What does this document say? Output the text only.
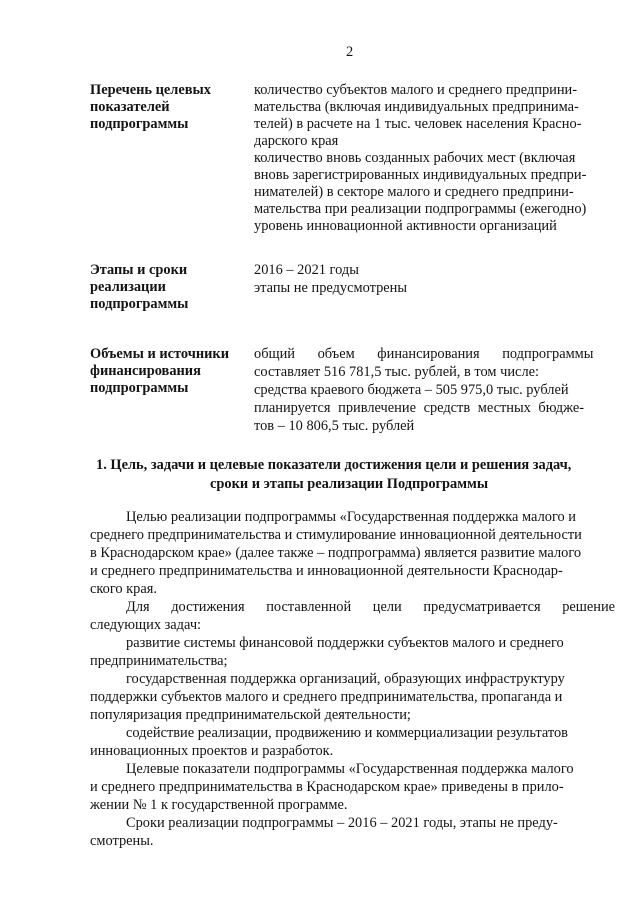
2
Перечень целевых
показателей
подпрограммы
количество субъектов малого и среднего предприни-
мательства (включая индивидуальных предпринима-
телей) в расчете на 1 тыс. человек населения Красно-
дарского края
количество вновь созданных рабочих мест (включая
вновь зарегистрированных индивидуальных предпри-
нимателей) в секторе малого и среднего предприни-
мательства при реализации подпрограммы (ежегодно)
уровень инновационной активности организаций
Этапы и сроки
реализации
подпрограммы
2016 – 2021 годы
этапы не предусмотрены
Объемы и источники
финансирования
подпрограммы
общий объем финансирования подпрограммы
составляет 516 781,5 тыс. рублей, в том числе:
средства краевого бюджета – 505 975,0 тыс. рублей
планируется привлечение средств местных бюдже-
тов – 10 806,5 тыс. рублей
1. Цель, задачи и целевые показатели достижения цели и решения задач,
сроки и этапы реализации Подпрограммы
Целью реализации подпрограммы «Государственная поддержка малого и
среднего предпринимательства и стимулирование инновационной деятельности
в Краснодарском крае» (далее также – подпрограмма) является развитие малого
и среднего предпринимательства и инновационной деятельности Краснодар-
ского края.
Для достижения поставленной цели предусматривается решение
следующих задач:
развитие системы финансовой поддержки субъектов малого и среднего
предпринимательства;
государственная поддержка организаций, образующих инфраструктуру
поддержки субъектов малого и среднего предпринимательства, пропаганда и
популяризация предпринимательской деятельности;
содействие реализации, продвижению и коммерциализации результатов
инновационных проектов и разработок.
Целевые показатели подпрограммы «Государственная поддержка малого
и среднего предпринимательства в Краснодарском крае» приведены в прило-
жении № 1 к государственной программе.
Сроки реализации подпрограммы – 2016 – 2021 годы, этапы не преду-
смотрены.
